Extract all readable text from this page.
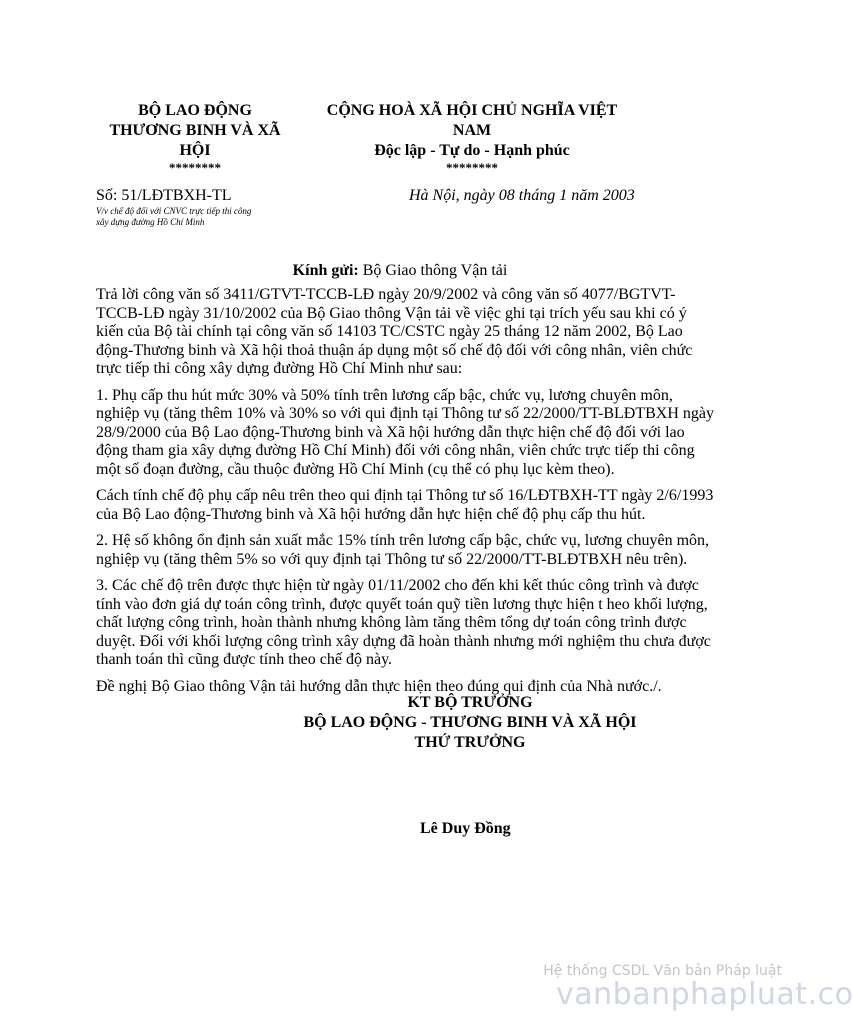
BỘ LAO ĐỘNG
THƯƠNG BINH VÀ XÃ
HỘI
********
CỘNG HOÀ XÃ HỘI CHỦ NGHĨA VIỆT
NAM
Độc lập - Tự do - Hạnh phúc
********
Số: 51/LĐTBXH-TL	Hà Nội, ngày 08 tháng 1 năm 2003
V/v chế độ đối với CNVC trực tiếp thi công
xây dựng đường Hồ Chí Minh
Kính gửi: Bộ Giao thông Vận tải

Trả lời công văn số 3411/GTVT-TCCB-LĐ ngày 20/9/2002 và công văn số 4077/BGTVT-TCCB-LĐ ngày 31/10/2002 của Bộ Giao thông Vận tải về việc ghi tại trích yếu sau khi có ý kiến của Bộ tài chính tại công văn số 14103 TC/CSTC ngày 25 tháng 12 năm 2002, Bộ Lao động-Thương binh và Xã hội thoả thuận áp dụng một số chế độ đối với công nhân, viên chức trực tiếp thi công xây dựng đường Hồ Chí Minh như sau:

1. Phụ cấp thu hút mức 30% và 50% tính trên lương cấp bậc, chức vụ, lương chuyên môn, nghiệp vụ (tăng thêm 10% và 30% so với qui định tại Thông tư số 22/2000/TT-BLĐTBXH ngày 28/9/2000 của Bộ Lao động-Thương binh và Xã hội hướng dẫn thực hiện chế độ đối với lao động tham gia xây dựng đường Hồ Chí Minh) đối với công nhân, viên chức trực tiếp thi công một số đoạn đường, cầu thuộc đường Hồ Chí Minh (cụ thể có phụ lục kèm theo).

Cách tính chế độ phụ cấp nêu trên theo qui định tại Thông tư số 16/LĐTBXH-TT ngày 2/6/1993 của Bộ Lao động-Thương binh và Xã hội hướng dẫn hực hiện chế độ phụ cấp thu hút.

2. Hệ số không ổn định sản xuất mắc 15% tính trên lương cấp bậc, chức vụ, lương chuyên môn, nghiệp vụ (tăng thêm 5% so với quy định tại Thông tư số 22/2000/TT-BLĐTBXH nêu trên).

3. Các chế độ trên được thực hiện từ ngày 01/11/2002 cho đến khi kết thúc công trình và được tính vào đơn giá dự toán công trình, được quyết toán quỹ tiền lương thực hiện t heo khối lượng, chất lượng công trình, hoàn thành nhưng không làm tăng thêm tổng dự toán công trình được duyệt. Đối với khối lượng công trình xây dựng đã hoàn thành nhưng mới nghiệm thu chưa được thanh toán thì cũng được tính theo chế độ này.

Đề nghị Bộ Giao thông Vận tải hướng dẫn thực hiện theo đúng qui định của Nhà nước./.

KT BỘ TRƯỞNG
BỘ LAO ĐỘNG - THƯƠNG BINH VÀ XÃ HỘI
THỨ TRƯỞNG
Lê Duy Đồng
Hệ thống CSDL Văn bản Pháp luật
vanbanphapluat.co
